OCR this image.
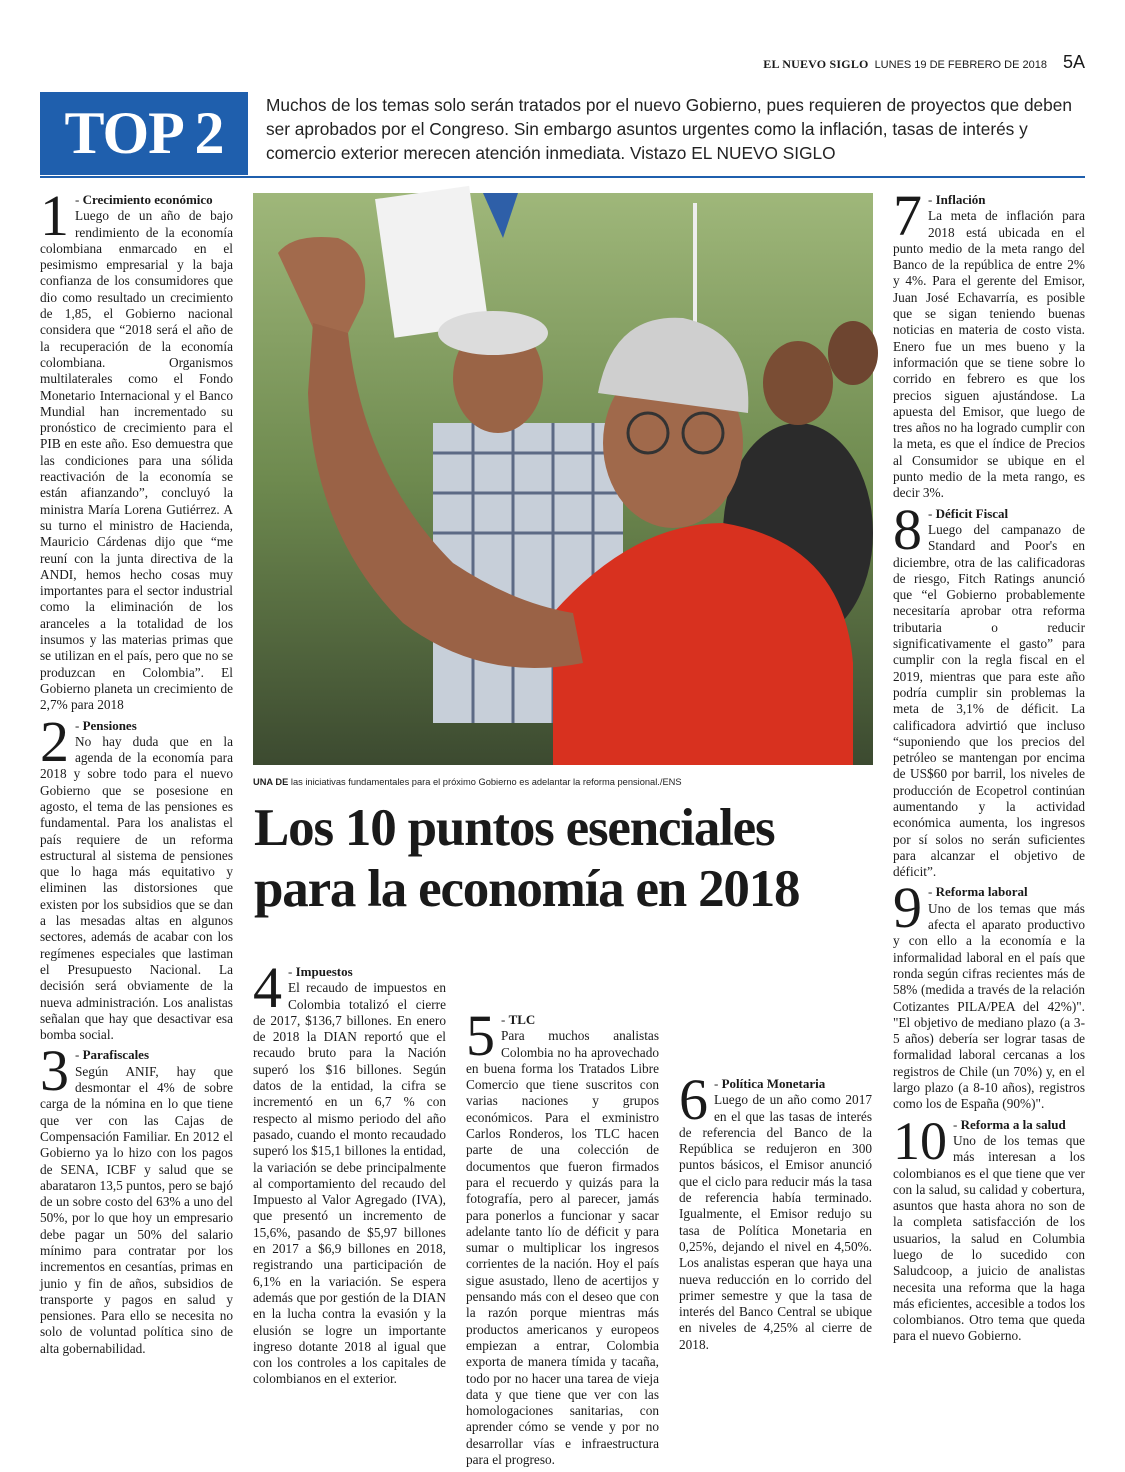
EL NUEVO SIGLO LUNES 19 DE FEBRERO DE 2018 5A
TOP 2 Muchos de los temas solo serán tratados por el nuevo Gobierno, pues requieren de proyectos que deben ser aprobados por el Congreso. Sin embargo asuntos urgentes como la inflación, tasas de interés y comercio exterior merecen atención inmediata. Vistazo EL NUEVO SIGLO
1	- Crecimiento económico

Luego de un año de bajo rendimiento de la economía colombiana enmarcado en el pesimismo empresarial y la baja confianza de los consumidores que dio como resultado un crecimiento de 1,85, el Gobierno nacional considera que “2018 será el año de la recuperación de la economía colombiana. Organismos multilaterales como el Fondo Monetario Internacional y el Banco Mundial han incrementado su pronóstico de crecimiento para el PIB en este año. Eso demuestra que las condiciones para una sólida reactivación de la economía se están afianzando”, concluyó la ministra María Lorena Gutiérrez. A su turno el ministro de Hacienda, Mauricio Cárdenas dijo que “me reuní con la junta directiva de la ANDI, hemos hecho cosas muy importantes para el sector industrial como la eliminación de los aranceles a la totalidad de los insumos y las materias primas que se utilizan en el país, pero que no se produzcan en Colombia”. El Gobierno planeta un crecimiento de 2,7% para 2018

2	- Pensiones

No hay duda que en la agenda de la economía para 2018 y sobre todo para el nuevo Gobierno que se posesione en agosto, el tema de las pensiones es fundamental. Para los analistas el país requiere de un reforma estructural al sistema de pensiones que lo haga más equitativo y eliminen las distorsiones que existen por los subsidios que se dan a las mesadas altas en algunos sectores, además de acabar con los regímenes especiales que lastiman el Presupuesto Nacional. La decisión será obviamente de la nueva administración. Los analistas señalan que hay que desactivar esa bomba social.

3	- Parafiscales

Según ANIF, hay que desmontar el 4% de sobre carga de la nómina en lo que tiene que ver con las Cajas de Compensación Familiar. En 2012 el Gobierno ya lo hizo con los pagos de SENA, ICBF y salud que se abarataron 13,5 puntos, pero se bajó de un sobre costo del 63% a uno del 50%, por lo que hoy un empresario debe pagar un 50% del salario mínimo para contratar por los incrementos en cesantías, primas en junio y fin de años, subsidios de transporte y pagos en salud y pensiones. Para ello se necesita no solo de voluntad política sino de alta gobernabilidad.

UNA DE las iniciativas fundamentales para el próximo Gobierno es adelantar la reforma pensional./ENS
Los 10 puntos esenciales para la economía en 2018
4	- Impuestos

El recaudo de impuestos en Colombia totalizó el cierre de 2017, $136,7 billones. En enero de 2018 la DIAN reportó que el recaudo bruto para la Nación superó los $16 billones. Según datos de la entidad, la cifra se incrementó en un 6,7 % con respecto al mismo periodo del año pasado, cuando el monto recaudado superó los $15,1 billones la entidad, la variación se debe principalmente al comportamiento del recaudo del Impuesto al Valor Agregado (IVA), que presentó un incremento de 15,6%, pasando de $5,97 billones en 2017 a $6,9 billones en 2018, registrando una participación de 6,1% en la variación. Se espera además que por gestión de la DIAN en la lucha contra la evasión y la elusión se logre un importante ingreso dotante 2018 al igual que con los controles a los capitales de colombianos en el exterior.

5	- TLC

Para muchos analistas Colombia no ha aprovechado en buena forma los Tratados Libre Comercio que tiene suscritos con varias naciones y grupos económicos. Para el exministro Carlos Ronderos, los TLC hacen parte de una colección de documentos que fueron firmados para el recuerdo y quizás para la fotografía, pero al parecer, jamás para ponerlos a funcionar y sacar adelante tanto lío de déficit y para sumar o multiplicar los ingresos corrientes de la nación. Hoy el país sigue asustado, lleno de acertijos y pensando más con el deseo que con la razón porque mientras más productos americanos y europeos empiezan a entrar, Colombia exporta de manera tímida y tacaña, todo por no hacer una tarea de vieja data y que tiene que ver con las homologaciones sanitarias, con aprender cómo se vende y por no desarrollar vías e infraestructura para el progreso.

6	- Política Monetaria

Luego de un año como 2017 en el que las tasas de interés de referencia del Banco de la República se redujeron en 300 puntos básicos, el Emisor anunció que el ciclo para reducir más la tasa de referencia había terminado. Igualmente, el Emisor redujo su tasa de Política Monetaria en 0,25%, dejando el nivel en 4,50%. Los analistas esperan que haya una nueva reducción en lo corrido del primer semestre y que la tasa de interés del Banco Central se ubique en niveles de 4,25% al cierre de 2018.

7	- Inflación

La meta de inflación para 2018 está ubicada en el punto medio de la meta rango del Banco de la república de entre 2% y 4%. Para el gerente del Emisor, Juan José Echavarría, es posible que se sigan teniendo buenas noticias en materia de costo vista. Enero fue un mes bueno y la información que se tiene sobre lo corrido en febrero es que los precios siguen ajustándose. La apuesta del Emisor, que luego de tres años no ha logrado cumplir con la meta, es que el índice de Precios al Consumidor se ubique en el punto medio de la meta rango, es decir 3%.

8	- Déficit Fiscal

Luego del campanazo de Standard and Poor's en diciembre, otra de las calificadoras de riesgo, Fitch Ratings anunció que “el Gobierno probablemente necesitaría aprobar otra reforma tributaria o reducir significativamente el gasto” para cumplir con la regla fiscal en el 2019, mientras que para este año podría cumplir sin problemas la meta de 3,1% de déficit. La calificadora advirtió que incluso “suponiendo que los precios del petróleo se mantengan por encima de US$60 por barril, los niveles de producción de Ecopetrol continúan aumentando y la actividad económica aumenta, los ingresos por sí solos no serán suficientes para alcanzar el objetivo de déficit”.

9	- Reforma laboral

Uno de los temas que más afecta el aparato productivo y con ello a la economía e la informalidad laboral en el país que ronda según cifras recientes más de 58% (medida a través de la relación Cotizantes PILA/PEA del 42%)". "El objetivo de mediano plazo (a 3-5 años) debería ser lograr tasas de formalidad laboral cercanas a los registros de Chile (un 70%) y, en el largo plazo (a 8-10 años), registros como los de España (90%)".

10	- Reforma a la salud

Uno de los temas que más interesan a los colombianos es el que tiene que ver con la salud, su calidad y cobertura, asuntos que hasta ahora no son de la completa satisfacción de los usuarios, la salud en Columbia luego de lo sucedido con Saludcoop, a juicio de analistas necesita una reforma que la haga más eficientes, accesible a todos los colombianos. Otro tema que queda para el nuevo Gobierno.
